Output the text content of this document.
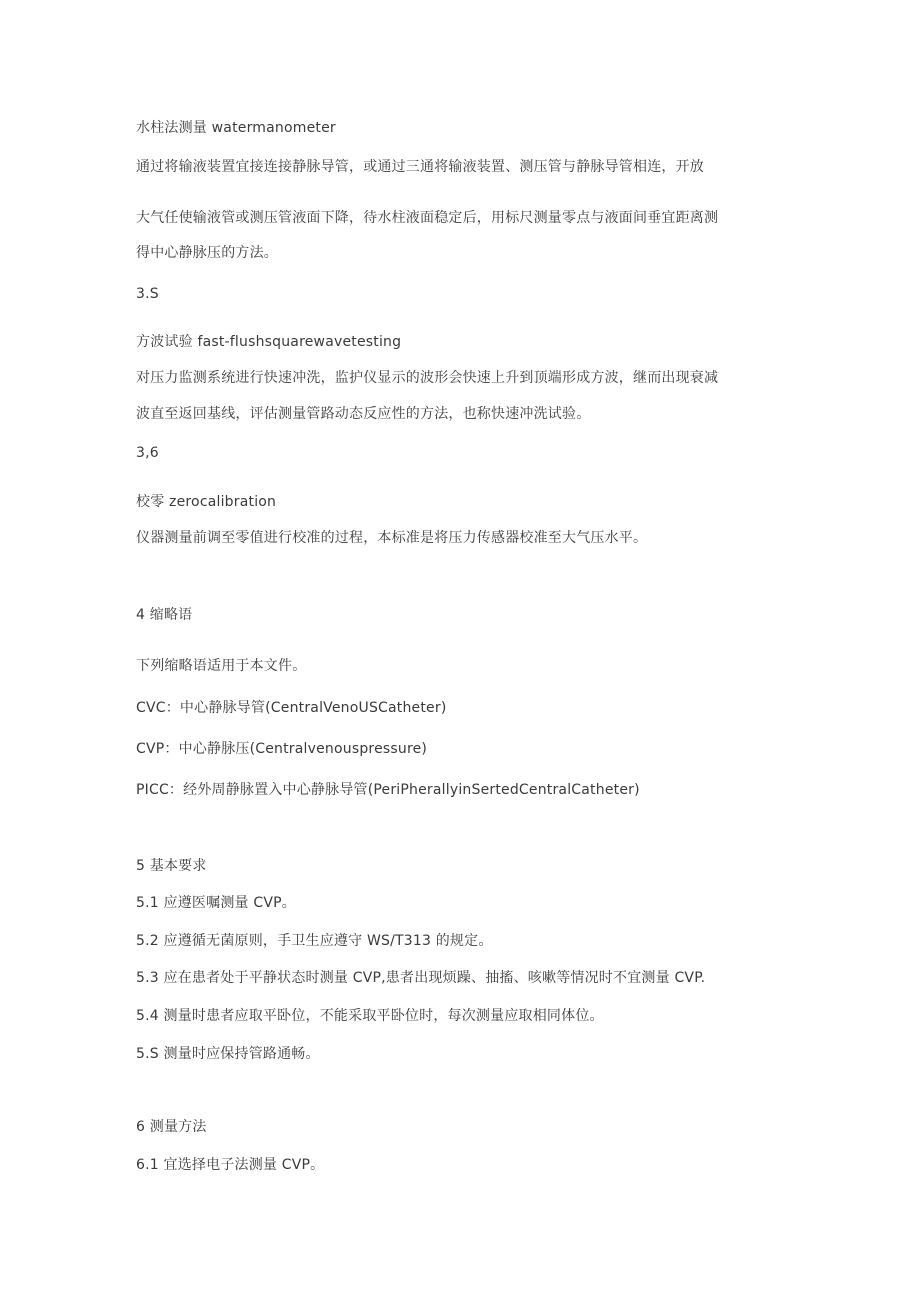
水柱法测量 watermanometer
通过将输液装置宜接连接静脉导管，或通过三通将输液装置、测压管与静脉导管相连，开放
大气任使输液管或测压管液面下降，待水柱液面稳定后，用标尺测量零点与液面间垂宜距离测
得中心静脉压的方法。
3.S
方波试验 fast-flushsquarewavetesting
对压力监测系统进行快速冲洗，监护仪显示的波形会快速上升到顶端形成方波，继而出现衰减
波直至返回基线，评估测量管路动态反应性的方法，也称快速冲洗试验。
3,6
校零 zerocalibration
仪器测量前调至零值进行校准的过程，本标准是将压力传感器校准至大气压水平。
4 缩略语
下列缩略语适用于本文件。
CVC：中心静脉导管(CentralVenoUSCatheter)
CVP：中心静脉压(Centralvenouspressure)
PICC：经外周静脉置入中心静脉导管(PeriPherallyinSertedCentralCatheter)
5 基本要求
5.1 应遵医嘱测量 CVP。
5.2 应遵循无菌原则，手卫生应遵守 WS/T313 的规定。
5.3 应在患者处于平静状态时测量 CVP,患者出现烦躁、抽搐、咳嗽等情况时不宜测量 CVP.
5.4 测量时患者应取平卧位，不能采取平卧位时，每次测量应取相同体位。
5.S 测量时应保持管路通畅。
6 测量方法
6.1 宜选择电子法测量 CVP。
